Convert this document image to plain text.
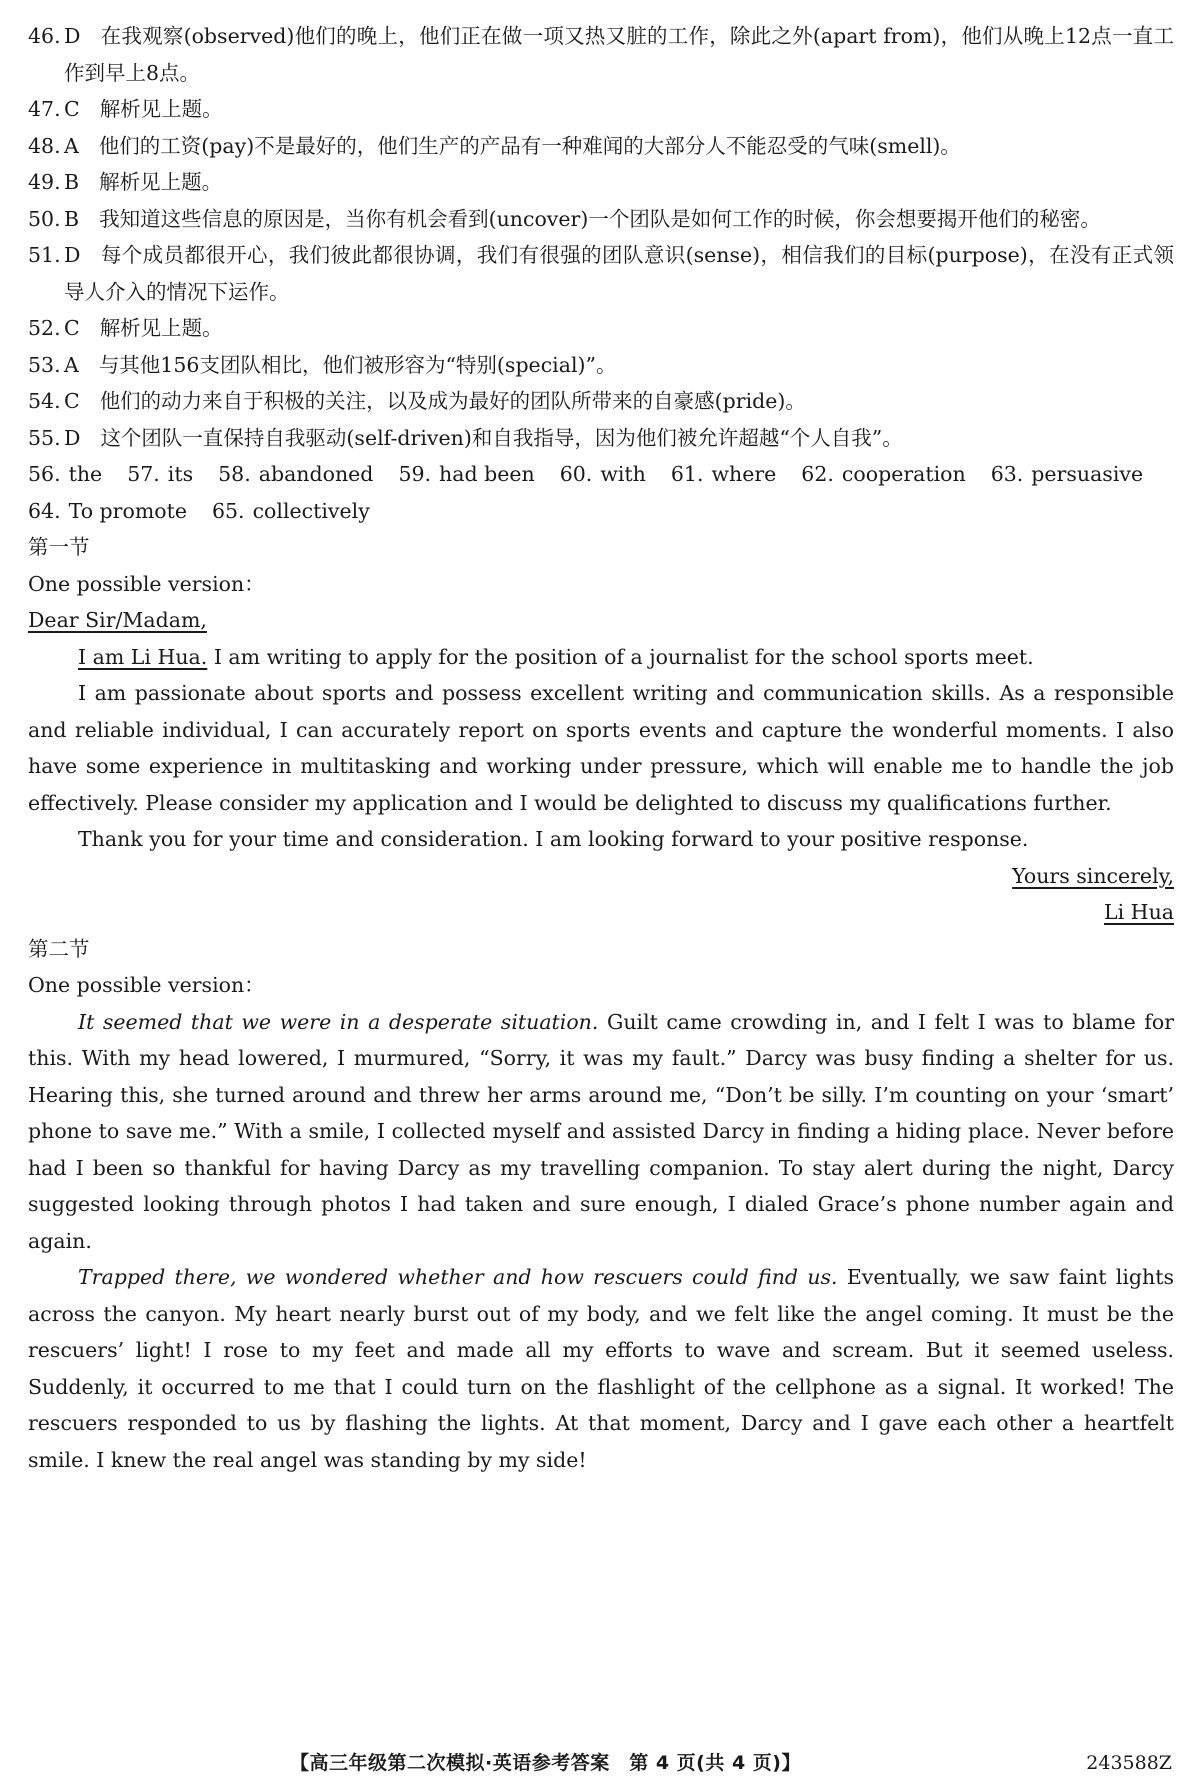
46. D 在我观察(observed)他们的晚上，他们正在做一项又热又脏的工作，除此之外(apart from)，他们从晚上12点一直工作到早上8点。

47. C 解析见上题。

48. A 他们的工资(pay)不是最好的，他们生产的产品有一种难闻的大部分人不能忍受的气味(smell)。

49. B 解析见上题。

50. B 我知道这些信息的原因是，当你有机会看到(uncover)一个团队是如何工作的时候，你会想要揭开他们的秘密。

51. D 每个成员都很开心，我们彼此都很协调，我们有很强的团队意识(sense)，相信我们的目标(purpose)，在没有正式领导人介入的情况下运作。

52. C 解析见上题。

53. A 与其他156支团队相比，他们被形容为“特别(special)”。

54. C 他们的动力来自于积极的关注，以及成为最好的团队所带来的自豪感(pride)。

55. D 这个团队一直保持自我驱动(self-driven)和自我指导，因为他们被允许超越“个人自我”。

56. the 57. its 58. abandoned 59. had been 60. with 61. where 62. cooperation 63. persuasive

64. To promote 65. collectively

第一节

One possible version：

Dear Sir/Madam,

I am Li Hua. I am writing to apply for the position of a journalist for the school sports meet.

I am passionate about sports and possess excellent writing and communication skills. As a responsible and reliable individual, I can accurately report on sports events and capture the wonderful moments. I also have some experience in multitasking and working under pressure, which will enable me to handle the job effectively. Please consider my application and I would be delighted to discuss my qualifications further.

Thank you for your time and consideration. I am looking forward to your positive response.

Yours sincerely,

Li Hua

第二节

One possible version：

It seemed that we were in a desperate situation. Guilt came crowding in, and I felt I was to blame for this. With my head lowered, I murmured, “Sorry, it was my fault.” Darcy was busy finding a shelter for us. Hearing this, she turned around and threw her arms around me, “Don’t be silly. I’m counting on your ‘smart’ phone to save me.” With a smile, I collected myself and assisted Darcy in finding a hiding place. Never before had I been so thankful for having Darcy as my travelling companion. To stay alert during the night, Darcy suggested looking through photos I had taken and sure enough, I dialed Grace’s phone number again and again.

Trapped there, we wondered whether and how rescuers could find us. Eventually, we saw faint lights across the canyon. My heart nearly burst out of my body, and we felt like the angel coming. It must be the rescuers’ light! I rose to my feet and made all my efforts to wave and scream. But it seemed useless. Suddenly, it occurred to me that I could turn on the flashlight of the cellphone as a signal. It worked! The rescuers responded to us by flashing the lights. At that moment, Darcy and I gave each other a heartfelt smile. I knew the real angel was standing by my side!

【高三年级第二次模拟·英语参考答案　第 4 页(共 4 页)】	243588Z
